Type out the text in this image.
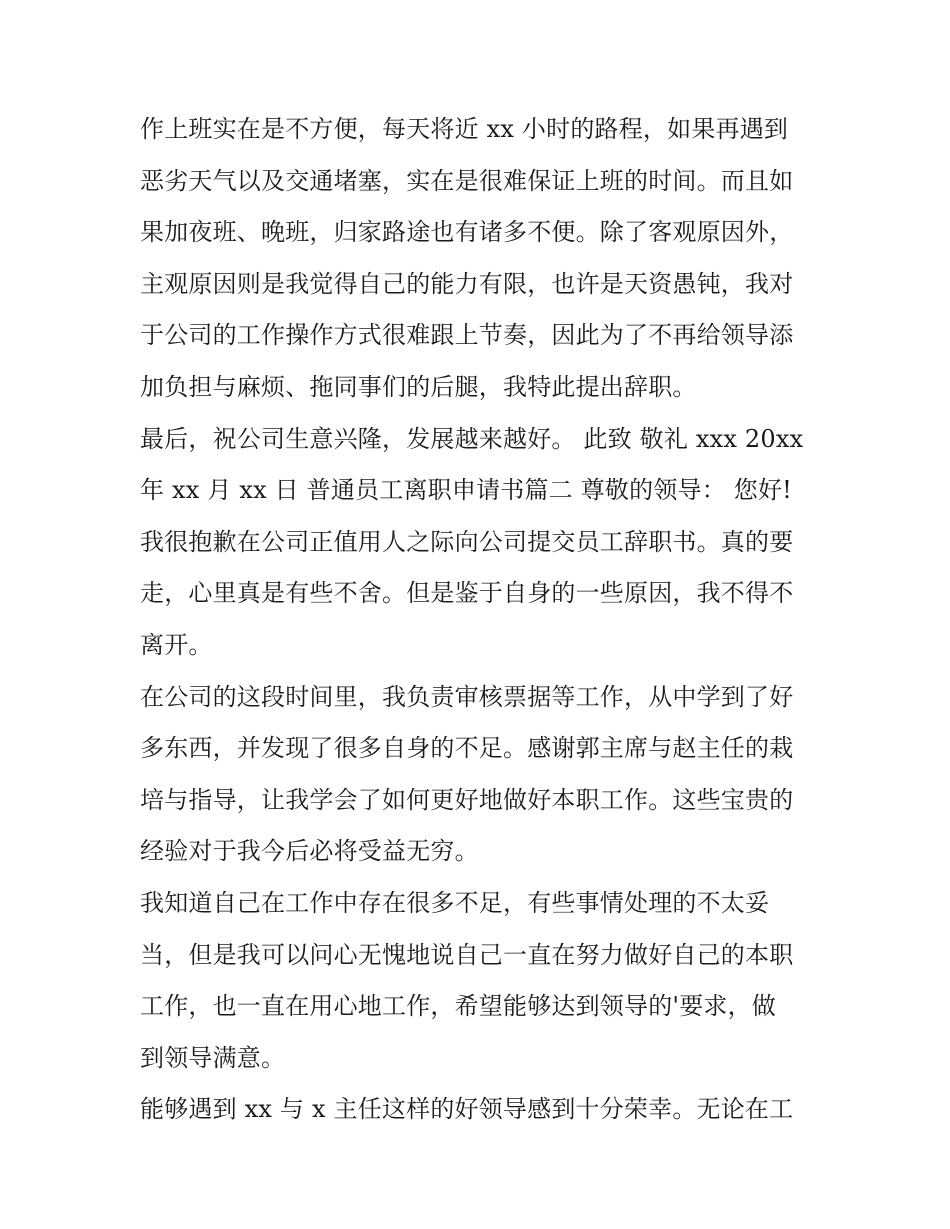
作上班实在是不方便，每天将近 xx 小时的路程，如果再遇到
恶劣天气以及交通堵塞，实在是很难保证上班的时间。而且如
果加夜班、晚班，归家路途也有诸多不便。除了客观原因外，
主观原因则是我觉得自己的能力有限，也许是天资愚钝，我对
于公司的工作操作方式很难跟上节奏，因此为了不再给领导添
加负担与麻烦、拖同事们的后腿，我特此提出辞职。
最后，祝公司生意兴隆，发展越来越好。 此致 敬礼 xxx 20xx
年 xx 月 xx 日 普通员工离职申请书篇二 尊敬的领导： 您好!
我很抱歉在公司正值用人之际向公司提交员工辞职书。真的要
走，心里真是有些不舍。但是鉴于自身的一些原因，我不得不
离开。
在公司的这段时间里，我负责审核票据等工作，从中学到了好
多东西，并发现了很多自身的不足。感谢郭主席与赵主任的栽
培与指导，让我学会了如何更好地做好本职工作。这些宝贵的
经验对于我今后必将受益无穷。
我知道自己在工作中存在很多不足，有些事情处理的不太妥
当，但是我可以问心无愧地说自己一直在努力做好自己的本职
工作，也一直在用心地工作，希望能够达到领导的'要求，做
到领导满意。
能够遇到 xx 与 x 主任这样的好领导感到十分荣幸。无论在工
